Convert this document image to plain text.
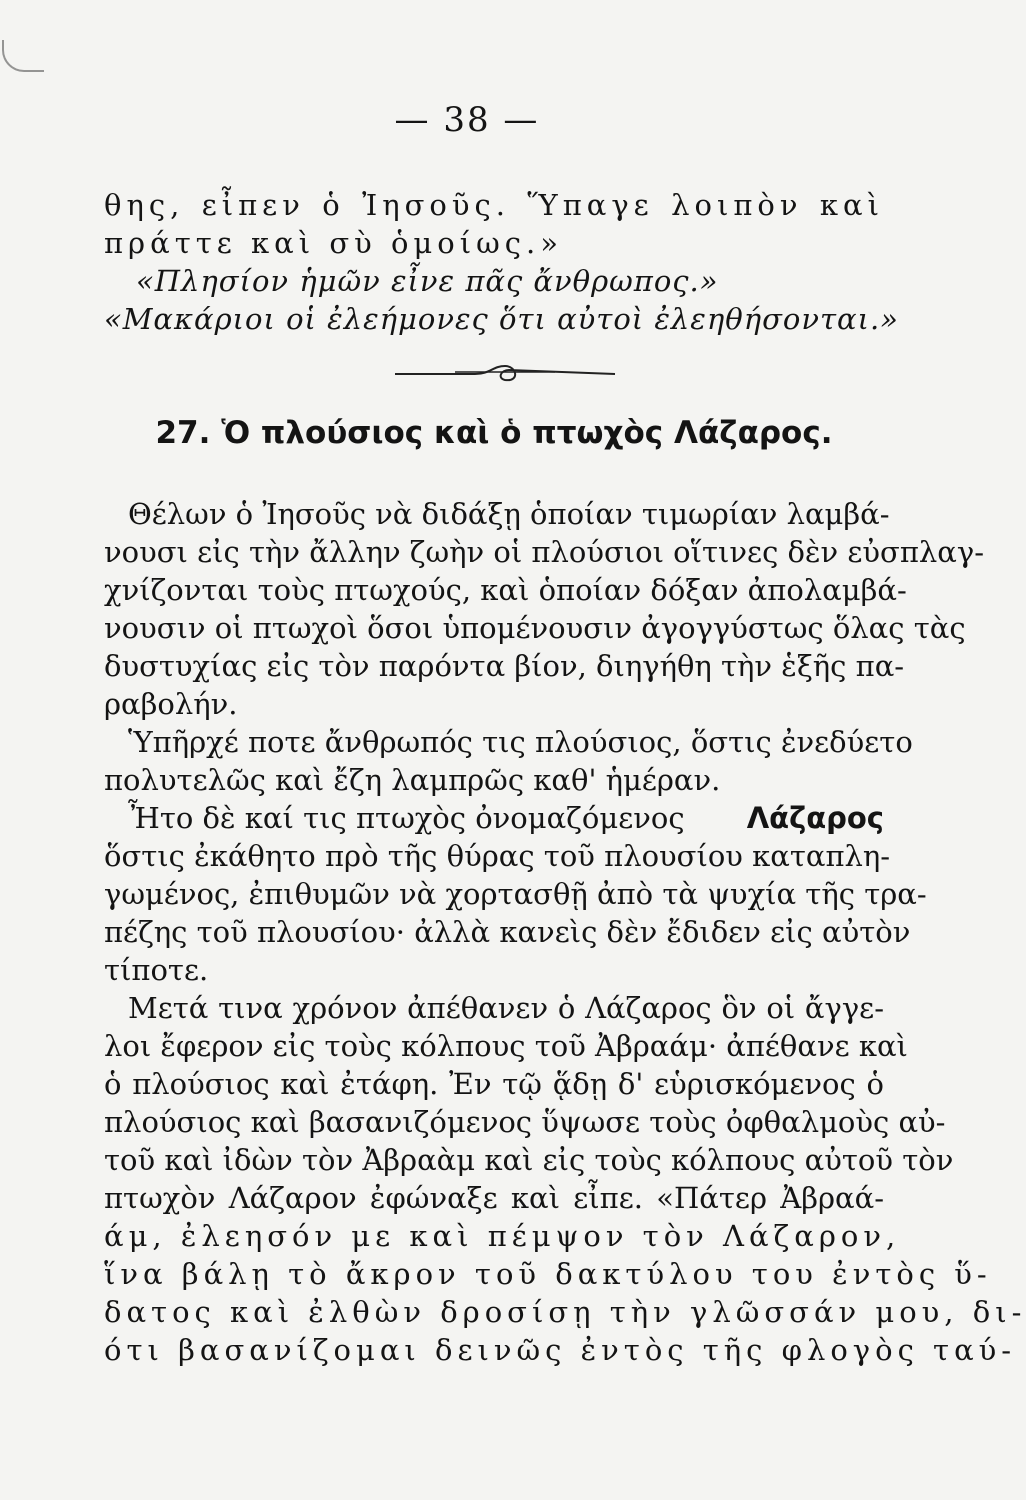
— 38 —
θης, εἶπεν ὁ Ἰησοῦς. Ὕπαγε λοιπὸν καὶ
πράττε καὶ σὺ ὁμοίως.»
«Πλησίον ἡμῶν εἶνε πᾶς ἄνθρωπος.»
«Μακάριοι οἱ ἐλεήμονες ὅτι αὐτοὶ ἐλεηθήσονται.»
27. Ὁ πλούσιος καὶ ὁ πτωχὸς Λάζαρος.
Θέλων ὁ Ἰησοῦς νὰ διδάξῃ ὁποίαν τιμωρίαν λαμβά-
νουσι εἰς τὴν ἄλλην ζωὴν οἱ πλούσιοι οἵτινες δὲν εὐσπλαγ-
χνίζονται τοὺς πτωχούς, καὶ ὁποίαν δόξαν ἀπολαμβά-
νουσιν οἱ πτωχοὶ ὅσοι ὑπομένουσιν ἀγογγύστως ὅλας τὰς
δυστυχίας εἰς τὸν παρόντα βίον, διηγήθη τὴν ἑξῆς πα-
ραβολήν.
Ὑπῆρχέ ποτε ἄνθρωπός τις πλούσιος, ὅστις ἐνεδύετο
πολυτελῶς καὶ ἔζη λαμπρῶς καθ' ἡμέραν.
Ἦτο δὲ καί τις πτωχὸς ὀνομαζόμενος Λάζαρος
ὅστις ἐκάθητο πρὸ τῆς θύρας τοῦ πλουσίου καταπλη-
γωμένος, ἐπιθυμῶν νὰ χορτασθῇ ἀπὸ τὰ ψυχία τῆς τρα-
πέζης τοῦ πλουσίου· ἀλλὰ κανεὶς δὲν ἔδιδεν εἰς αὐτὸν
τίποτε.
Μετά τινα χρόνον ἀπέθανεν ὁ Λάζαρος ὃν οἱ ἄγγε-
λοι ἔφερον εἰς τοὺς κόλπους τοῦ Ἀβραάμ· ἀπέθανε καὶ
ὁ πλούσιος καὶ ἐτάφη. Ἐν τῷ ᾅδῃ δ' εὑρισκόμενος ὁ
πλούσιος καὶ βασανιζόμενος ὕψωσε τοὺς ὀφθαλμοὺς αὐ-
τοῦ καὶ ἰδὼν τὸν Ἀβραὰμ καὶ εἰς τοὺς κόλπους αὐτοῦ τὸν
πτωχὸν Λάζαρον ἐφώναξε καὶ εἶπε. «Πάτερ Ἀβραά-
άμ, ἐλεησόν με καὶ πέμψον τὸν Λάζαρον,
ἵνα βάλῃ τὸ ἄκρον τοῦ δακτύλου του ἐντὸς ὕ-
δατος καὶ ἐλθὼν δροσίσῃ τὴν γλῶσσάν μου, δι-
ότι βασανίζομαι δεινῶς ἐντὸς τῆς φλογὸς ταύ-
